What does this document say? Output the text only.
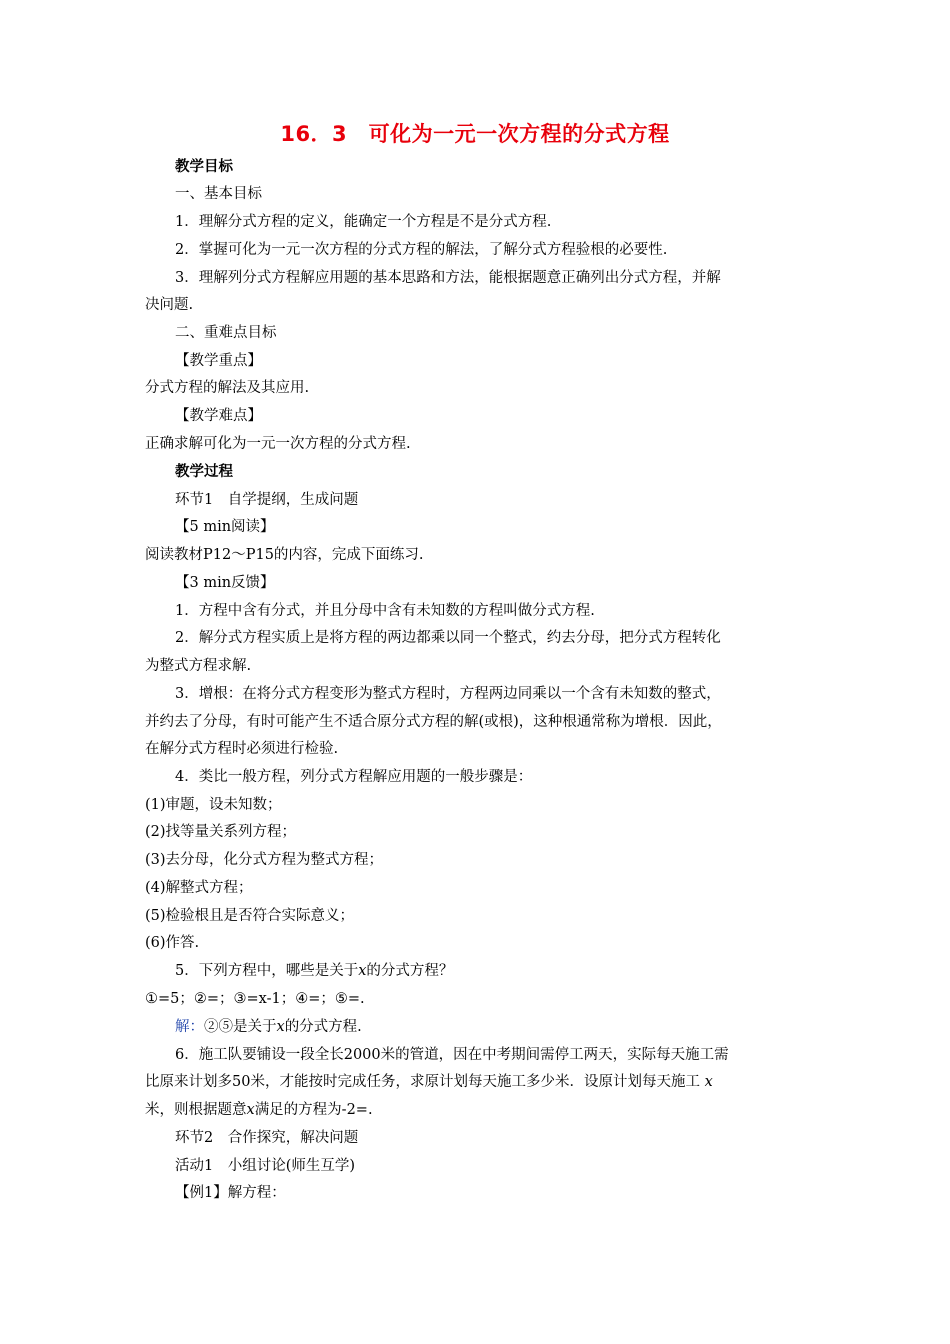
16．3　可化为一元一次方程的分式方程
教学目标
一、基本目标
1．理解分式方程的定义，能确定一个方程是不是分式方程.
2．掌握可化为一元一次方程的分式方程的解法，了解分式方程验根的必要性.
3．理解列分式方程解应用题的基本思路和方法，能根据题意正确列出分式方程，并解
决问题.
二、重难点目标
【教学重点】
分式方程的解法及其应用.
【教学难点】
正确求解可化为一元一次方程的分式方程.
教学过程
环节1　自学提纲，生成问题
【5 min阅读】
阅读教材P12～P15的内容，完成下面练习.
【3 min反馈】
1．方程中含有分式，并且分母中含有未知数的方程叫做分式方程.
2．解分式方程实质上是将方程的两边都乘以同一个整式，约去分母，把分式方程转化
为整式方程求解.
3．增根：在将分式方程变形为整式方程时，方程两边同乘以一个含有未知数的整式，
并约去了分母，有时可能产生不适合原分式方程的解(或根)，这种根通常称为增根．因此，
在解分式方程时必须进行检验.
4．类比一般方程，列分式方程解应用题的一般步骤是：
(1)审题，设未知数；
(2)找等量关系列方程；
(3)去分母，化分式方程为整式方程；
(4)解整式方程；
(5)检验根且是否符合实际意义；
(6)作答.
5．下列方程中，哪些是关于x的分式方程？
①=5；②=；③=x-1；④=；⑤=.
解：②⑤是关于x的分式方程.
6．施工队要铺设一段全长2000米的管道，因在中考期间需停工两天，实际每天施工需
比原来计划多50米，才能按时完成任务，求原计划每天施工多少米．设原计划每天施工 x
米，则根据题意x满足的方程为-2=.
环节2　合作探究，解决问题
活动1　小组讨论(师生互学)
【例1】解方程：
